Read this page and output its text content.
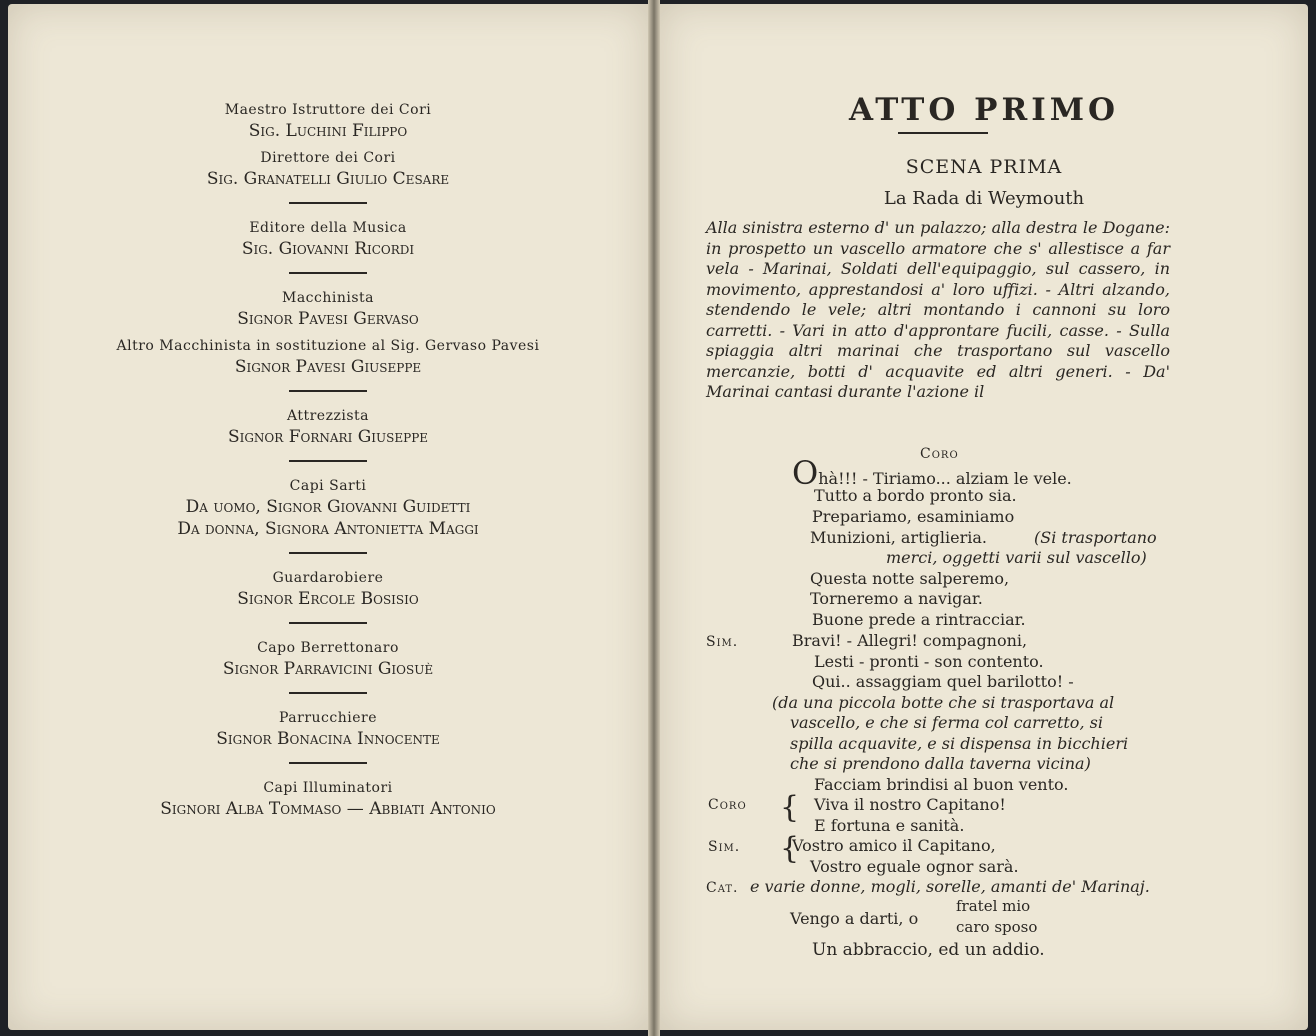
Maestro Istruttore dei Cori
Sig. Luchini Filippo
Direttore dei Cori
Sig. Granatelli Giulio Cesare
Editore della Musica
Sig. Giovanni Ricordi
Macchinista
Signor Pavesi Gervaso
Altro Macchinista in sostituzione al Sig. Gervaso Pavesi
Signor Pavesi Giuseppe
Attrezzista
Signor Fornari Giuseppe
Capi Sarti
Da uomo, Signor Giovanni Guidetti
Da donna, Signora Antonietta Maggi
Guardarobiere
Signor Ercole Bosisio
Capo Berrettonaro
Signor Parravicini Giosuè
Parrucchiere
Signor Bonacina Innocente
Capi Illuminatori
Signori Alba Tommaso — Abbiati Antonio
ATTO PRIMO
SCENA PRIMA
La Rada di Weymouth
Alla sinistra esterno d' un palazzo; alla destra le Dogane: in prospetto un vascello armatore che s' allestisce a far vela - Marinai, Soldati dell'equipaggio, sul cassero, in movimento, apprestandosi a' loro uffizi. - Altri alzando, stendendo le vele; altri montando i cannoni su loro carretti. - Vari in atto d'approntare fucili, casse. - Sulla spiaggia altri marinai che trasportano sul vascello mercanzie, botti d' acquavite ed altri generi. - Da' Marinai cantasi durante l'azione il
Coro
Ohà!!! - Tiriamo... alziam le vele.
Tutto a bordo pronto sia.
Prepariamo, esaminiamo
Munizioni, artiglieria.	(Si trasportano
merci, oggetti varii sul vascello)
Questa notte salperemo,
Torneremo a navigar.
Buone prede a rintracciar.
Sim.	Bravi! - Allegri! compagnoni,
Lesti - pronti - son contento.
Qui.. assaggiam quel barilotto! -
(da una piccola botte che si trasportava al
vascello, e che si ferma col carretto, si
spilla acquavite, e si dispensa in bicchieri
che si prendono dalla taverna vicina)
Facciam brindisi al buon vento.
Coro { Viva il nostro Capitano!
E fortuna e sanità.
Sim. {
Vostro amico il Capitano,
Vostro eguale ognor sarà.
Cat. e varie donne, mogli, sorelle, amanti de' Marinaj.
Vengo a darti, o
fratel mio
caro sposo
Un abbraccio, ed un addio.
